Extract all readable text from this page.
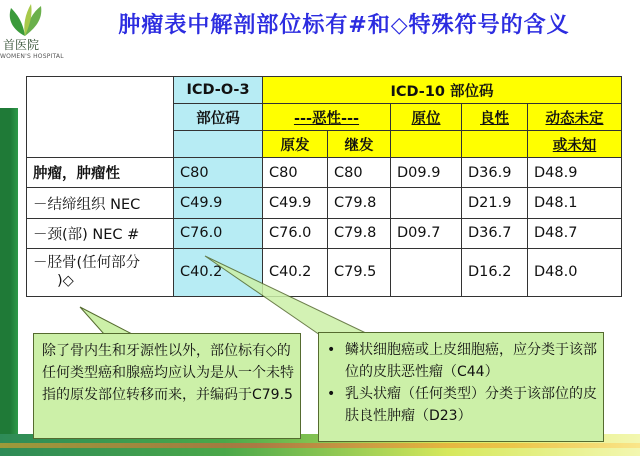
首医院
WOMEN'S HOSPITAL
肿瘤表中解剖部位标有#和◇特殊符号的含义
	ICD-O-3	ICD-10 部位码				
	部位码	---恶性---		原位	良性	动态未定
		原发	继发			或未知
肿瘤，肿瘤性	C80	C80	C80	D09.9	D36.9	D48.9
－结缔组织 NEC	C49.9	C49.9	C79.8		D21.9	D48.1
－颈(部) NEC #	C76.0	C76.0	C79.8	D09.7	D36.7	D48.7
－胫骨(任何部分
)◇	C40.2	C40.2	C79.5		D16.2	D48.0
除了骨内生和牙源性以外，部位标有◇的任何类型癌和腺癌均应认为是从一个未特指的原发部位转移而来，并编码于C79.5
• 鳞状细胞癌或上皮细胞癌，应分类于该部位的皮肤恶性瘤（C44）
• 乳头状瘤（任何类型）分类于该部位的皮肤良性肿瘤（D23）
